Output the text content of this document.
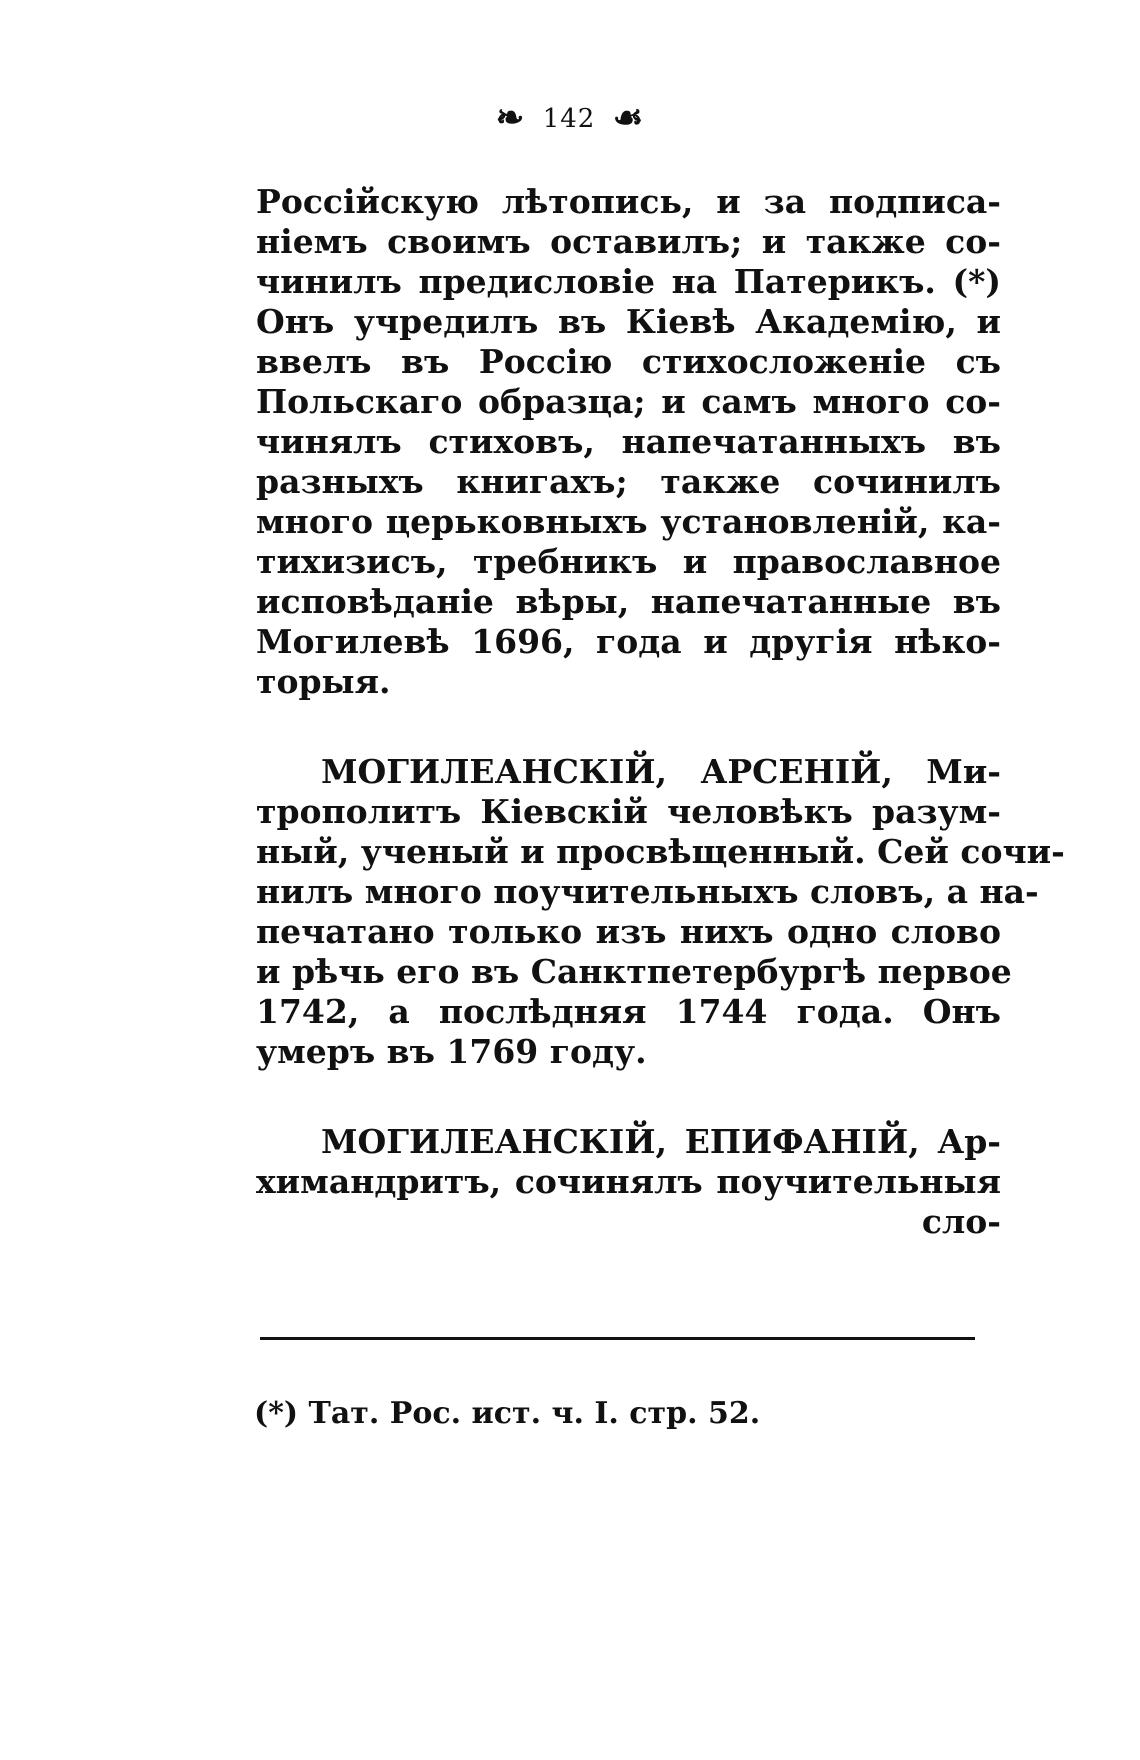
❧ 142 ☙
Россійскую лѣтопись, и за подписа-
ніемъ своимъ оставилъ; и также со-
чинилъ предисловіе на Патерикъ. (*)
Онъ учредилъ въ Кіевѣ Академію, и
ввелъ въ Россію стихосложеніе съ
Польскаго образца; и самъ много со-
чинялъ стиховъ, напечатанныхъ въ
разныхъ книгахъ; также сочинилъ
много церьковныхъ установленій, ка-
тихизисъ, требникъ и православное
исповѣданіе вѣры, напечатанные въ
Могилевѣ 1696, года и другія нѣко-
торыя.
МОГИЛЕАНСКІЙ, АРСЕНІЙ, Ми-
трополитъ Кіевскій человѣкъ разум-
ный, ученый и просвѣщенный. Сей сочи-
нилъ много поучительныхъ словъ, а на-
печатано только изъ нихъ одно слово
и рѣчь его въ Санктпетербургѣ первое
1742, а послѣдняя 1744 года. Онъ
умеръ въ 1769 году.
МОГИЛЕАНСКІЙ, ЕПИФАНІЙ, Ар-
химандритъ, сочинялъ поучительныя
сло-
(*) Тат. Рос. ист. ч. I. стр. 52.
